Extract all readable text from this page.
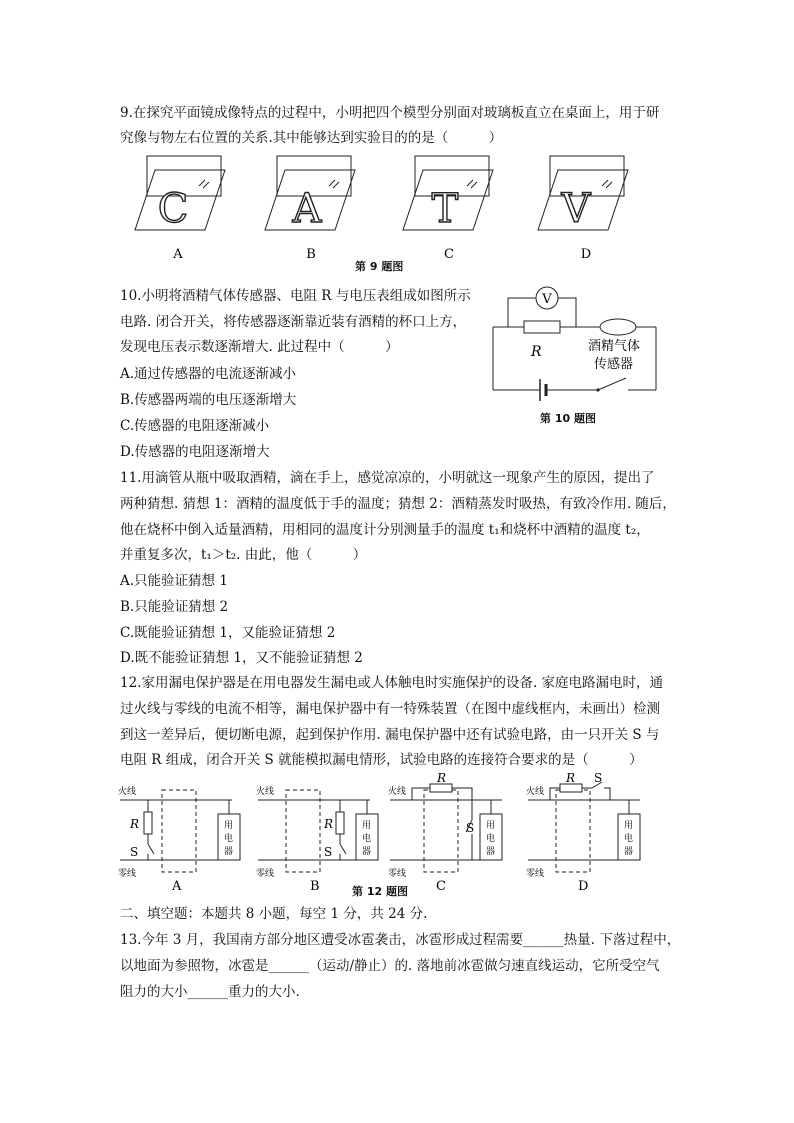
9.在探究平面镜成像特点的过程中，小明把四个模型分别面对玻璃板直立在桌面上，用于研
究像与物左右位置的关系.其中能够达到实验目的的是（　　　）
C
A
A
B
T
C
V
D
第 9 题图
10.小明将酒精气体传感器、电阻 R 与电压表组成如图所示
电路. 闭合开关，将传感器逐渐靠近装有酒精的杯口上方，
发现电压表示数逐渐增大. 此过程中（　　　）
A.通过传感器的电流逐渐减小
B.传感器两端的电压逐渐增大
C.传感器的电阻逐渐减小
D.传感器的电阻逐渐增大
V
R	酒精气体
传感器
第 10 题图
11.用滴管从瓶中吸取酒精，滴在手上，感觉凉凉的，小明就这一现象产生的原因，提出了
两种猜想. 猜想 1：酒精的温度低于手的温度；猜想 2：酒精蒸发时吸热，有致冷作用. 随后，
他在烧杯中倒入适量酒精，用相同的温度计分别测量手的温度 t₁和烧杯中酒精的温度 t₂，
并重复多次，t₁＞t₂. 由此，他（　　　）
A.只能验证猜想 1
B.只能验证猜想 2
C.既能验证猜想 1，又能验证猜想 2
D.既不能验证猜想 1，又不能验证猜想 2
12.家用漏电保护器是在用电器发生漏电或人体触电时实施保护的设备. 家庭电路漏电时，通
过火线与零线的电流不相等，漏电保护器中有一特殊装置（在图中虚线框内，未画出）检测
到这一差异后，便切断电源，起到保护作用. 漏电保护器中还有试验电路，由一只开关 S 与
电阻 R 组成，闭合开关 S 就能模拟漏电情形，试验电路的连接符合要求的是（　　　）
火线
零线
R
S
用
电
器
A
火线
零线
R
S
用
电
器
B
火线
零线
R
S 用
电
器
C
火线
零线
R S
用
电
器
D
第 12 题图
二、填空题：本题共 8 小题，每空 1 分，共 24 分.
13.今年 3 月，我国南方部分地区遭受冰雹袭击，冰雹形成过程需要______热量. 下落过程中，
以地面为参照物，冰雹是______（运动/静止）的. 落地前冰雹做匀速直线运动，它所受空气
阻力的大小______重力的大小.
